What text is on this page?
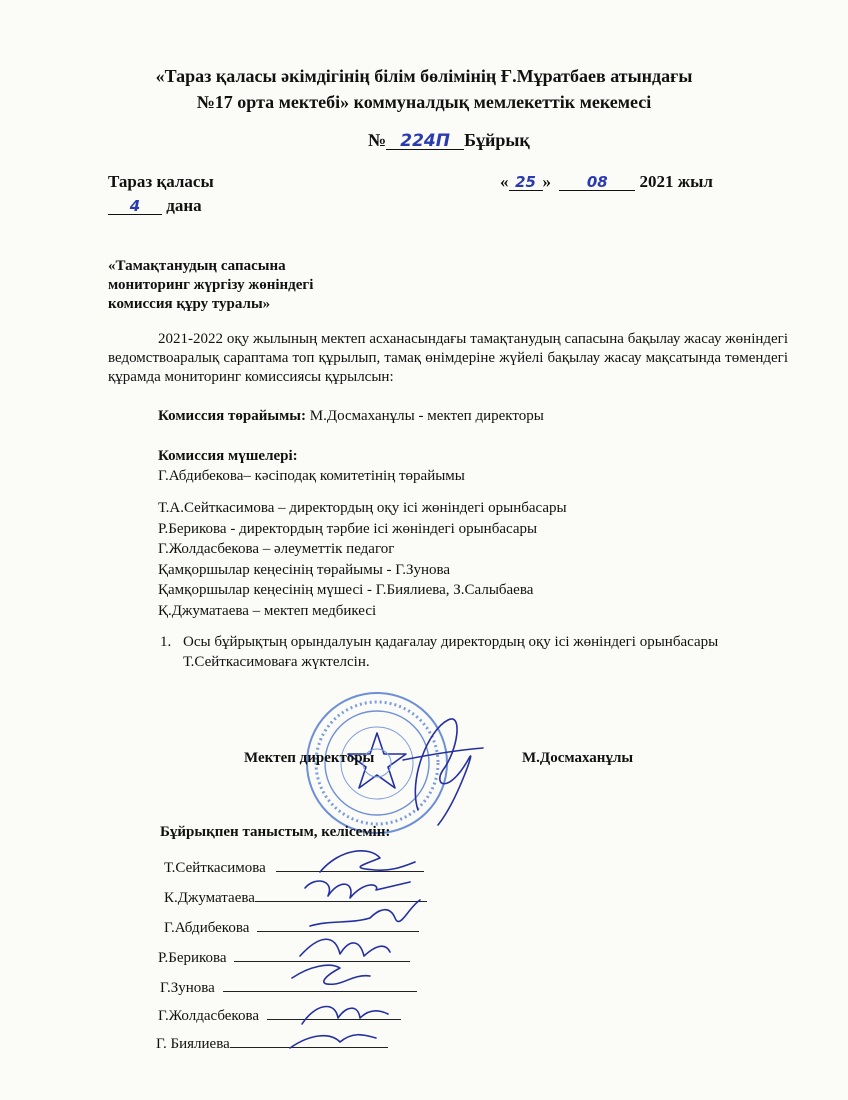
«Тараз қаласы әкімдігінің білім бөлімінің Ғ.Мұратбаев атындағы
№17 орта мектебі» коммуналдық мемлекеттік мекемесі
№ 224П Бұйрық
Тараз қаласы	« 25 » 08 2021 жыл
4 дана
«Тамақтанудың сапасына
мониторинг жүргізу жөніндегі
комиссия құру туралы»
2021-2022 оқу жылының мектеп асханасындағы тамақтанудың сапасына бақылау жасау жөніндегі ведомствоаралық сараптама топ құрылып, тамақ өнімдеріне жүйелі бақылау жасау мақсатында төмендегі құрамда мониторинг комиссиясы құрылсын:
Комиссия төрайымы: М.Досмаханұлы - мектеп директоры
Комиссия мүшелері:
Г.Абдибекова– кәсіподақ комитетінің төрайымы
Т.А.Сейткасимова – директордың оқу ісі жөніндегі орынбасары
Р.Берикова - директордың тәрбие ісі жөніндегі орынбасары
Г.Жолдасбекова – әлеуметтік педагог
Қамқоршылар кеңесінің төрайымы - Г.Зунова
Қамқоршылар кеңесінің мүшесі - Г.Биялиева, З.Салыбаева
Қ.Джуматаева – мектеп медбикесі
1. Осы бұйрықтың орындалуын қадағалау директордың оқу ісі жөніндегі орынбасары
Т.Сейткасимоваға жүктелсін.
Мектеп директоры	М.Досмаханұлы
Бұйрықпен таныстым, келісемін:
Т.Сейткасимова
К.Джуматаева
Г.Абдибекова
Р.Берикова
Г.Зунова
Г.Жолдасбекова
Г. Биялиева
